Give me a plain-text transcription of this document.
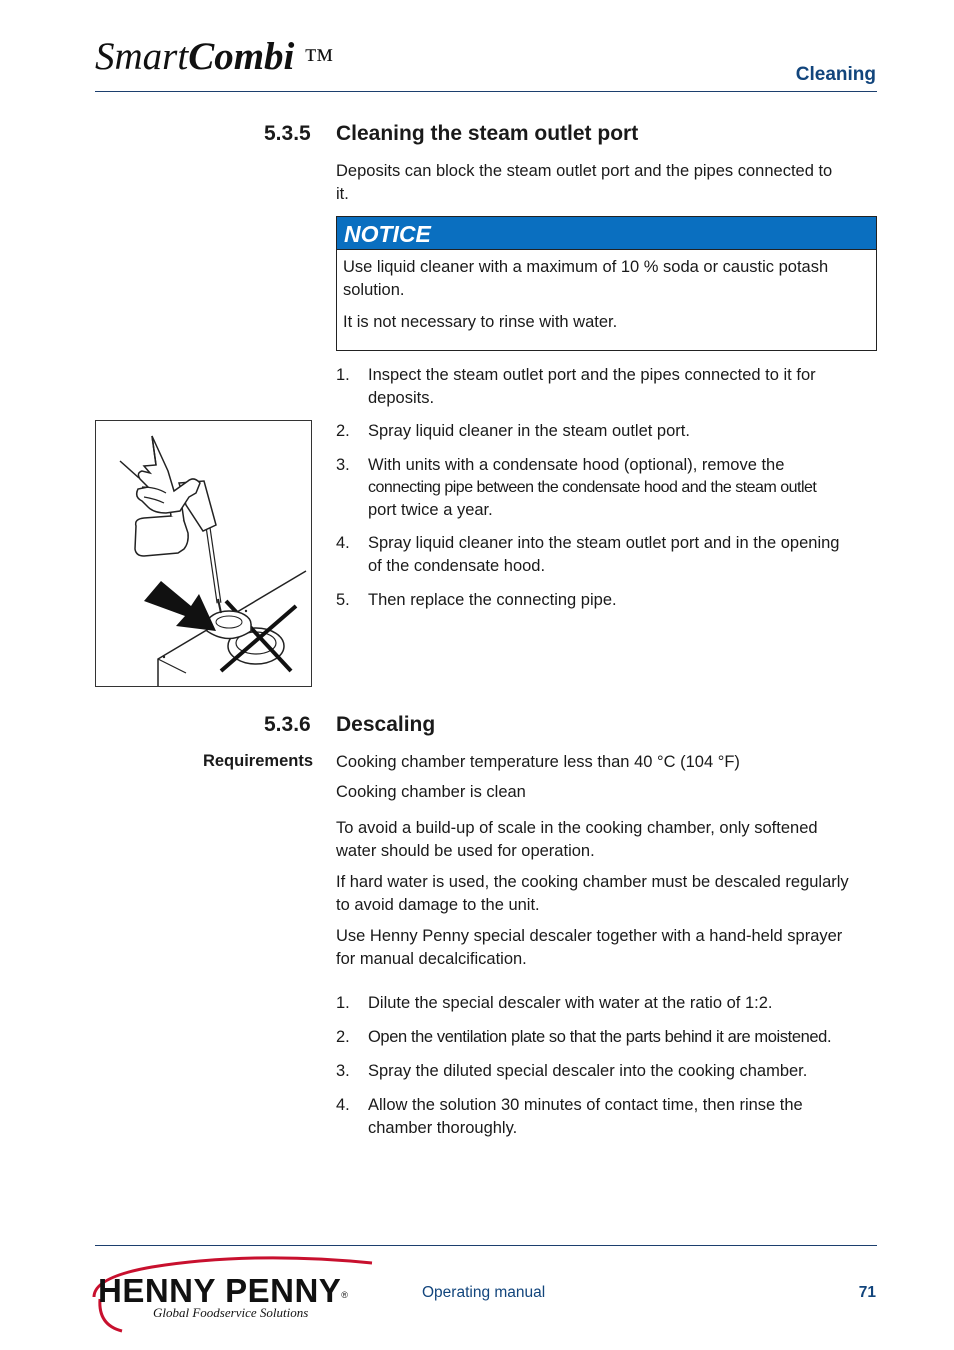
SmartCombi ™	Cleaning
5.3.5 Cleaning the steam outlet port
Deposits can block the steam outlet port and the pipes connected to
it.
NOTICE

Use liquid cleaner with a maximum of 10 % soda or caustic potash
solution.

It is not necessary to rinse with water.

1.	Inspect the steam outlet port and the pipes connected to it for
deposits.
2.	Spray liquid cleaner in the steam outlet port.
3.	With units with a condensate hood (optional), remove the
connecting pipe between the condensate hood and the steam outlet
port twice a year.
4.	Spray liquid cleaner into the steam outlet port and in the opening
of the condensate hood.
5.	Then replace the connecting pipe.
5.3.6 Descaling
Requirements Cooking chamber temperature less than 40 °C (104 °F)
Cooking chamber is clean
To avoid a build-up of scale in the cooking chamber, only softened
water should be used for operation.
If hard water is used, the cooking chamber must be descaled regularly
to avoid damage to the unit.
Use Henny Penny special descaler together with a hand-held sprayer
for manual decalcification.
1.	Dilute the special descaler with water at the ratio of 1:2.
2.	Open the ventilation plate so that the parts behind it are moistened.
3.	Spray the diluted special descaler into the cooking chamber.
4.	Allow the solution 30 minutes of contact time, then rinse the
chamber thoroughly.
HENNY PENNY®
Global Foodservice Solutions
Operating manual	71
